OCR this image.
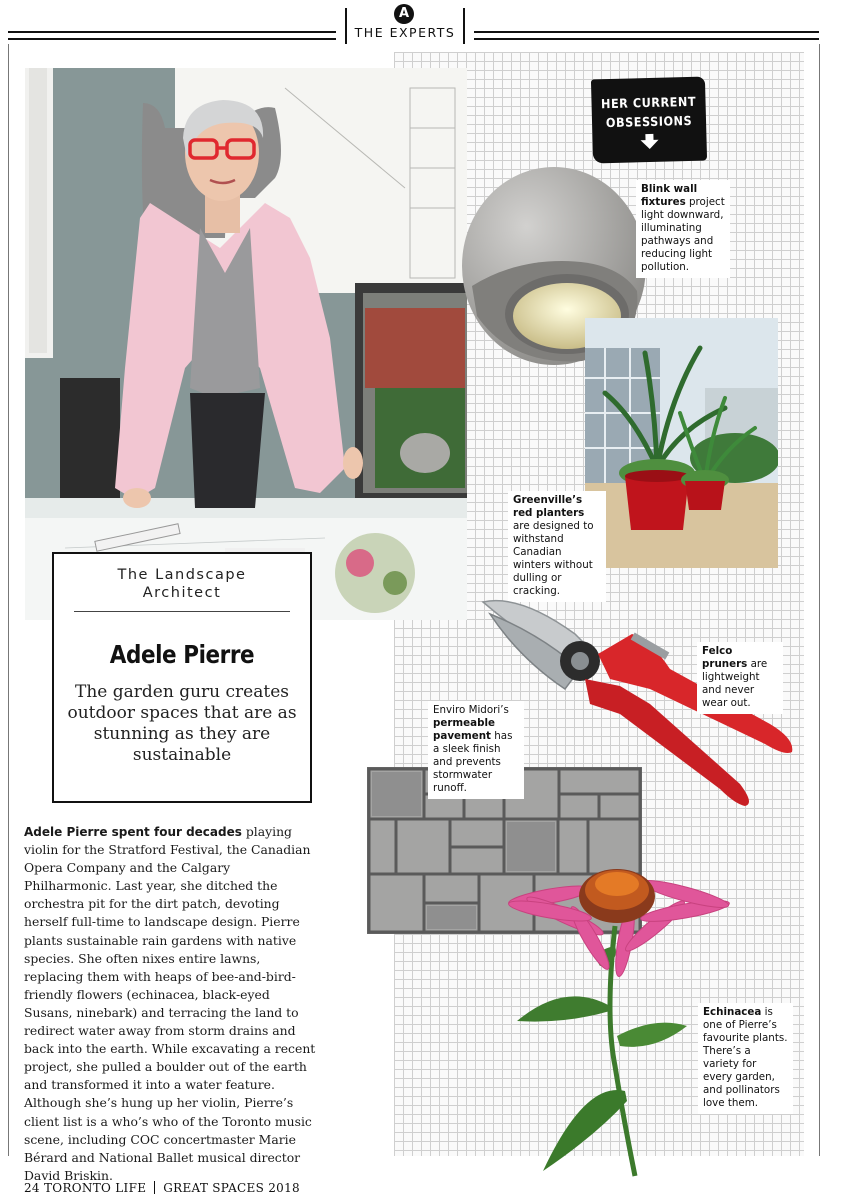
A
THE EXPERTS
The Landscape
Architect
Adele Pierre
The garden guru creates outdoor spaces that are as stunning as they are sustainable
Adele Pierre spent four decades playing violin for the Stratford Festival, the Canadian Opera Company and the Calgary Philharmonic. Last year, she ditched the orchestra pit for the dirt patch, devoting herself full-time to landscape design. Pierre plants sustainable rain gardens with native species. She often nixes entire lawns, replacing them with heaps of bee-and-bird-friendly flowers (echinacea, black-eyed Susans, ninebark) and terracing the land to redirect water away from storm drains and back into the earth. While excavating a recent project, she pulled a boulder out of the earth and transformed it into a water feature. Although she’s hung up her violin, Pierre’s client list is a who’s who of the Toronto music scene, including COC concertmaster Marie Bérard and National Ballet musical director David Briskin.
24 TORONTO LIFE GREAT SPACES 2018
HER CURRENT
OBSESSIONS
Blink wall fixtures project light downward, illuminating pathways and reducing light pollution.
Greenville’s red planters are designed to withstand Canadian winters without dulling or cracking.
Felco pruners are lightweight and never wear out.
Enviro Midori’s permeable pavement has a sleek finish and prevents stormwater runoff.
Echinacea is one of Pierre’s favourite plants. There’s a variety for every garden, and pollinators love them.
